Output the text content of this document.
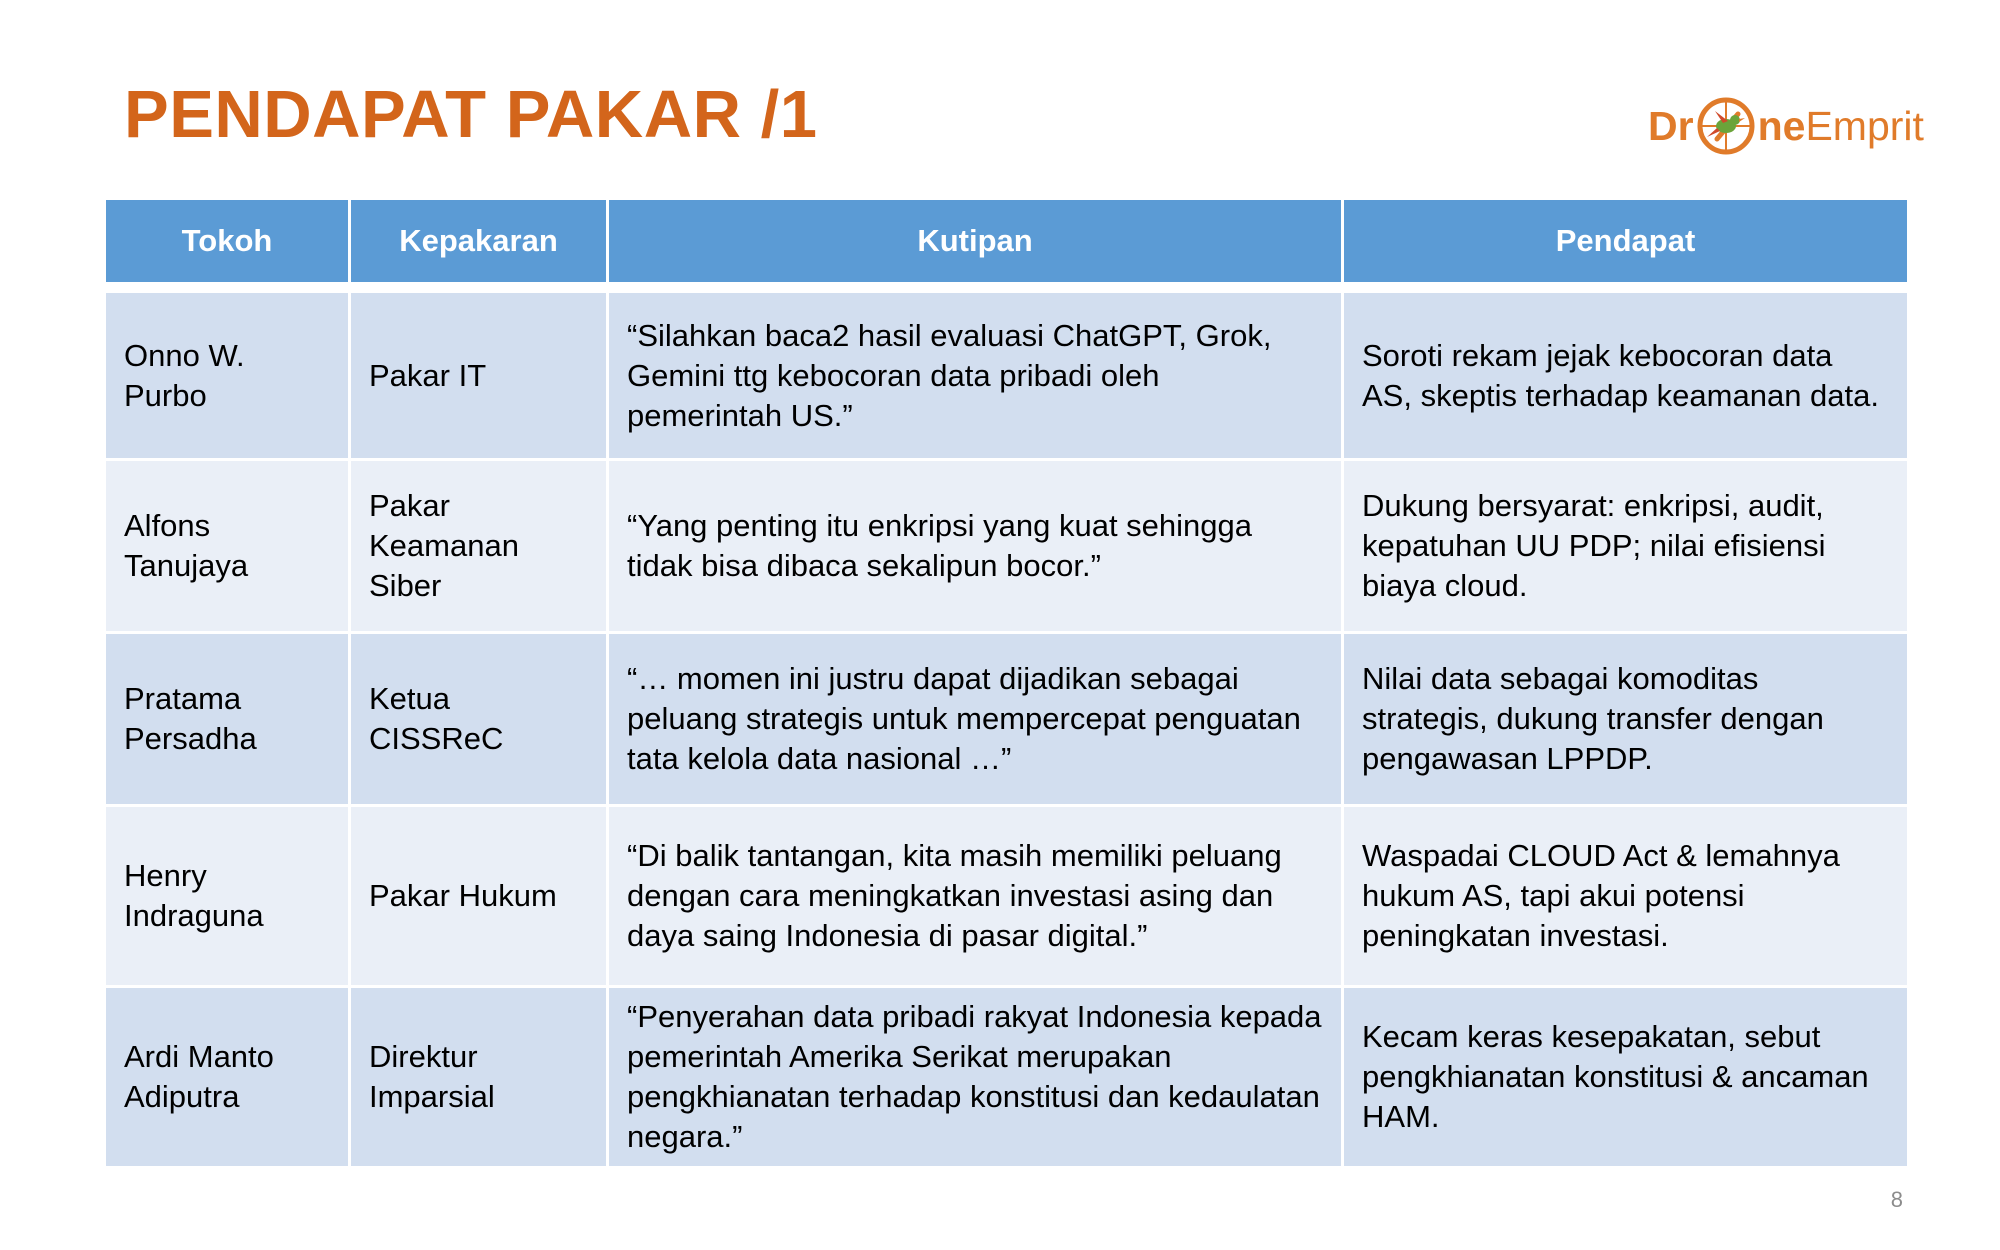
PENDAPAT PAKAR /1	Dr ne Emprit
Tokoh	Kepakaran	Kutipan	Pendapat

Onno W. Purbo	Pakar IT	“Silahkan baca2 hasil evaluasi ChatGPT, Grok, Gemini ttg kebocoran data pribadi oleh pemerintah US.”	Soroti rekam jejak kebocoran data AS, skeptis terhadap keamanan data.
Alfons Tanujaya	Pakar Keamanan Siber	“Yang penting itu enkripsi yang kuat sehingga tidak bisa dibaca sekalipun bocor.”	Dukung bersyarat: enkripsi, audit, kepatuhan UU PDP; nilai efisiensi biaya cloud.
Pratama Persadha	Ketua CISSReC	“… momen ini justru dapat dijadikan sebagai peluang strategis untuk mempercepat penguatan tata kelola data nasional …”	Nilai data sebagai komoditas strategis, dukung transfer dengan pengawasan LPPDP.
Henry Indraguna	Pakar Hukum	“Di balik tantangan, kita masih memiliki peluang dengan cara meningkatkan investasi asing dan daya saing Indonesia di pasar digital.”	Waspadai CLOUD Act & lemahnya hukum AS, tapi akui potensi peningkatan investasi.
Ardi Manto Adiputra	Direktur Imparsial	“Penyerahan data pribadi rakyat Indonesia kepada pemerintah Amerika Serikat merupakan pengkhianatan terhadap konstitusi dan kedaulatan negara.”	Kecam keras kesepakatan, sebut pengkhianatan konstitusi & ancaman HAM.
8
